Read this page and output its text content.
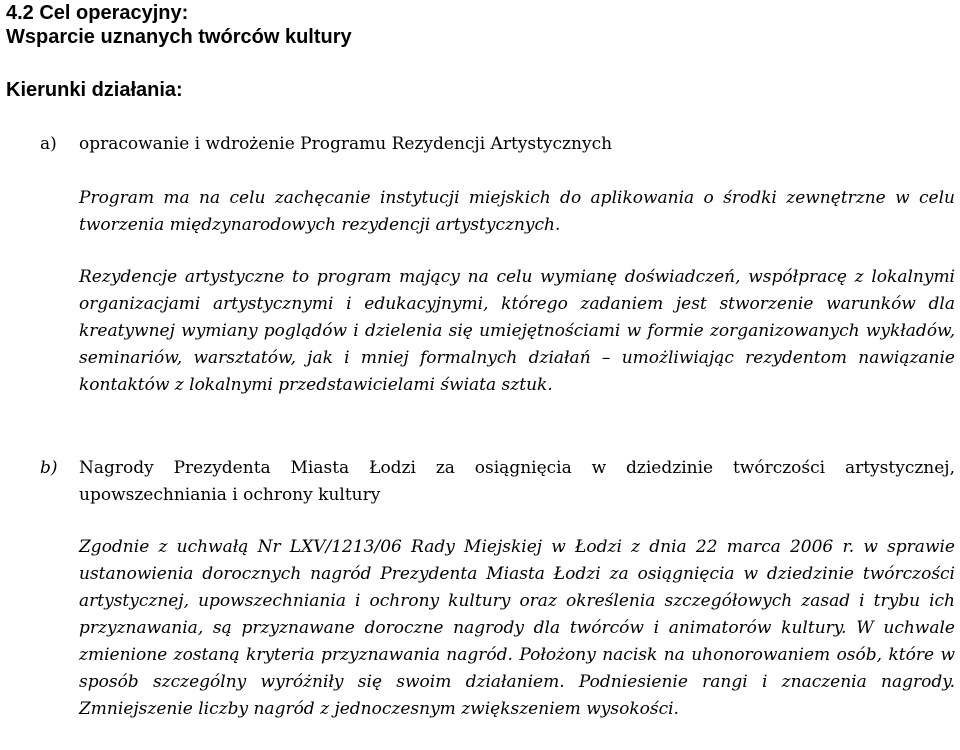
4.2 Cel operacyjny:
Wsparcie uznanych twórców kultury
Kierunki działania:
a) opracowanie i wdrożenie Programu Rezydencji Artystycznych

Program ma na celu zachęcanie instytucji miejskich do aplikowania o środki zewnętrzne w celu tworzenia międzynarodowych rezydencji artystycznych.

Rezydencje artystyczne to program mający na celu wymianę doświadczeń, współpracę z lokalnymi organizacjami artystycznymi i edukacyjnymi, którego zadaniem jest stworzenie warunków dla kreatywnej wymiany poglądów i dzielenia się umiejętnościami w formie zorganizowanych wykładów, seminariów, warsztatów, jak i mniej formalnych działań – umożliwiając rezydentom nawiązanie kontaktów z lokalnymi przedstawicielami świata sztuk.

b) Nagrody Prezydenta Miasta Łodzi za osiągnięcia w dziedzinie twórczości artystycznej, upowszechniania i ochrony kultury

Zgodnie z uchwałą Nr LXV/1213/06 Rady Miejskiej w Łodzi z dnia 22 marca 2006 r. w sprawie ustanowienia dorocznych nagród Prezydenta Miasta Łodzi za osiągnięcia w dziedzinie twórczości artystycznej, upowszechniania i ochrony kultury oraz określenia szczegółowych zasad i trybu ich przyznawania, są przyznawane doroczne nagrody dla twórców i animatorów kultury. W uchwale zmienione zostaną kryteria przyznawania nagród. Położony nacisk na uhonorowaniem osób, które w sposób szczególny wyróżniły się swoim działaniem. Podniesienie rangi i znaczenia nagrody. Zmniejszenie liczby nagród z jednoczesnym zwiększeniem wysokości.
